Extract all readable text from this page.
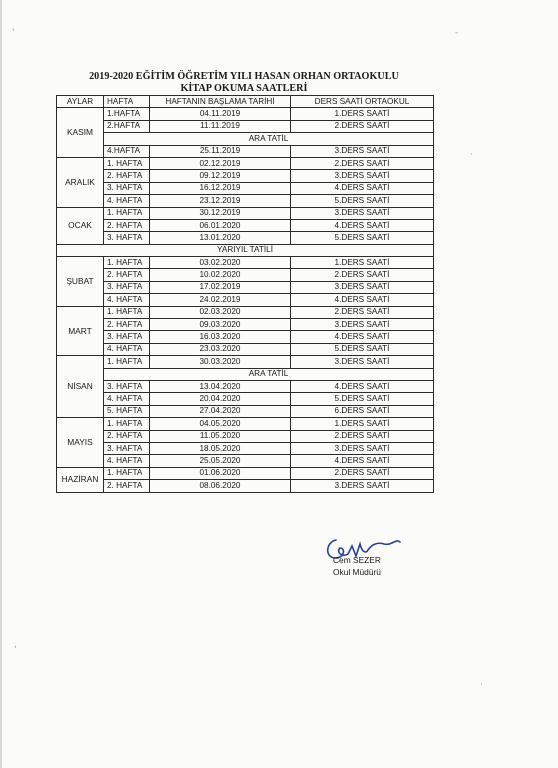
'	-
·
,
·
2019-2020 EĞİTİM ÖĞRETİM YILI HASAN ORHAN ORTAOKULU
KİTAP OKUMA SAATLERİ
AYLAR	HAFTA	HAFTANIN BAŞLAMA TARİHİ	DERS SAATİ ORTAOKUL
KASIM	1.HAFTA	04.11.2019	1.DERS SAATİ
	2.HAFTA	11.11.2019	2.DERS SAATİ
	ARA TATİL		
	4.HAFTA	25.11.2019	3.DERS SAATİ
ARALIK	1. HAFTA	02.12.2019	2.DERS SAATİ
	2. HAFTA	09.12.2019	3.DERS SAATİ
	3. HAFTA	16.12.2019	4.DERS SAATİ
	4. HAFTA	23.12.2019	5.DERS SAATİ
OCAK	1. HAFTA	30.12.2019	3.DERS SAATİ
	2. HAFTA	06.01.2020	4.DERS SAATİ
	3. HAFTA	13.01.2020	5.DERS SAATİ
YARIYIL TATİLİ			
ŞUBAT	1. HAFTA	03.02.2020	1.DERS SAATİ
	2. HAFTA	10.02.2020	2.DERS SAATİ
	3. HAFTA	17.02.2019	3.DERS SAATİ
	4. HAFTA	24.02.2019	4.DERS SAATİ
MART	1. HAFTA	02.03.2020	2.DERS SAATİ
	2. HAFTA	09.03.2020	3.DERS SAATİ
	3. HAFTA	16.03.2020	4.DERS SAATİ
	4. HAFTA	23.03.2020	5.DERS SAATİ
NİSAN	1. HAFTA	30.03.2020	3.DERS SAATİ
	ARA TATİL		
	3. HAFTA	13.04.2020	4.DERS SAATİ
	4. HAFTA	20.04.2020	5.DERS SAATİ
	5. HAFTA	27.04.2020	6.DERS SAATİ
MAYIS	1. HAFTA	04.05.2020	1.DERS SAATİ
	2. HAFTA	11.05.2020	2.DERS SAATİ
	3. HAFTA	18.05.2020	3.DERS SAATİ
	4. HAFTA	25.05.2020	4.DERS SAATİ
HAZİRAN	1. HAFTA	01.06.2020	2.DERS SAATİ
	2. HAFTA	08.06.2020	3.DERS SAATİ
Cem SEZER
Okul Müdürü
